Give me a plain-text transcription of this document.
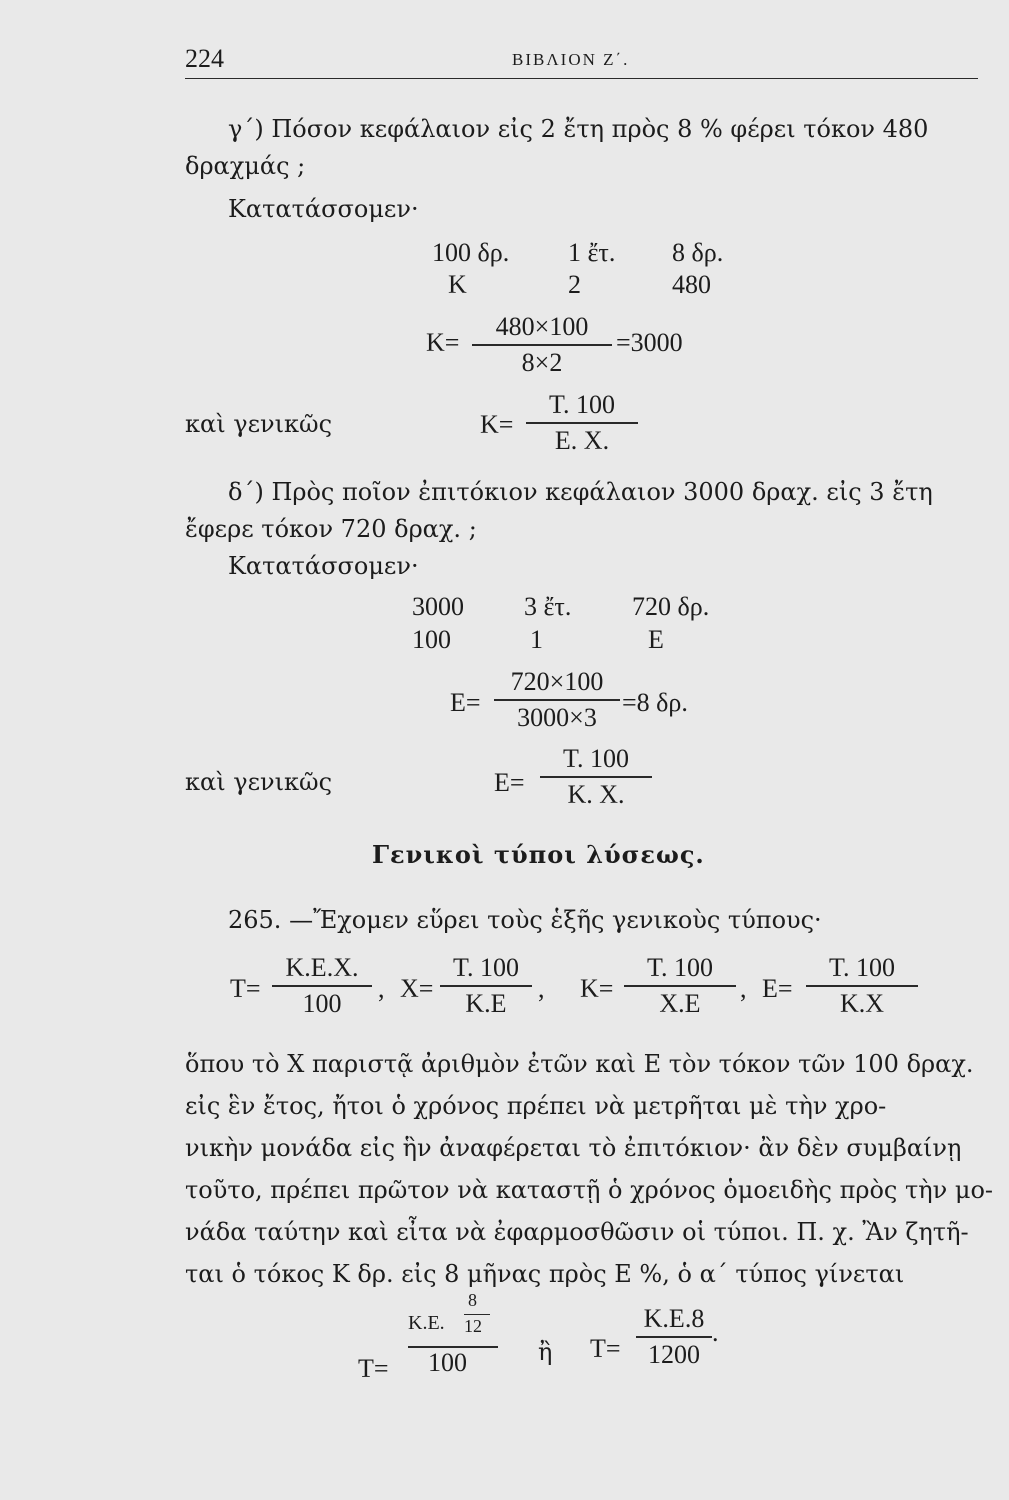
224	ΒΙΒΛΙΟΝ Ζ΄.
γ΄) Πόσον κεφάλαιον εἰς 2 ἔτη πρὸς 8 % φέρει τόκον 480
δραχμάς ;
Κατατάσσομεν·
100 δρ. 1 ἔτ. 8 δρ.
Κ	2	480
$K= \frac{480\times 100}{8\times 2} =3000$
καὶ γενικῶς	$K= \frac{T. 100}{E. X.}$
δ΄) Πρὸς ποῖον ἐπιτόκιον κεφάλαιον 3000 δραχ. εἰς 3 ἔτη
ἔφερε τόκον 720 δραχ. ;
Κατατάσσομεν·
3000 3 ἔτ. 720 δρ.
100	1	Ε
$E= \frac{720\times 100}{3000\times 3} =8$ δρ.
καὶ γενικῶς	$E= \frac{T. 100}{K. X.}$
Γενικοὶ τύποι λύσεως.
265. —Ἔχομεν εὕρει τοὺς ἑξῆς γενικοὺς τύπους·
$T= \frac{K.E.X.}{100}$ , $X= \frac{T. 100}{K.E}$ , $K= \frac{T. 100}{X.E}$ , $E= \frac{T. 100}{K.X}$
ὅπου τὸ Χ παριστᾷ ἀριθμὸν ἐτῶν καὶ Ε τὸν τόκον τῶν 100 δραχ.
εἰς ἓν ἔτος, ἤτοι ὁ χρόνος πρέπει νὰ μετρῆται μὲ τὴν χρο-
νικὴν μονάδα εἰς ἣν ἀναφέρεται τὸ ἐπιτόκιον· ἂν δὲν συμβαίνῃ
τοῦτο, πρέπει πρῶτον νὰ καταστῇ ὁ χρόνος ὁμοειδὴς πρὸς τὴν μο-
νάδα ταύτην καὶ εἶτα νὰ ἐφαρμοσθῶσιν οἱ τύποι. Π. χ. Ἂν ζητῆ-
ται ὁ τόκος Κ δρ. εἰς 8 μῆνας πρὸς Ε %, ὁ α΄ τύπος γίνεται
Τ=
Κ.Ε.
8
12
100	ἢ $T= \frac{K.E.8}{1200}$ .
